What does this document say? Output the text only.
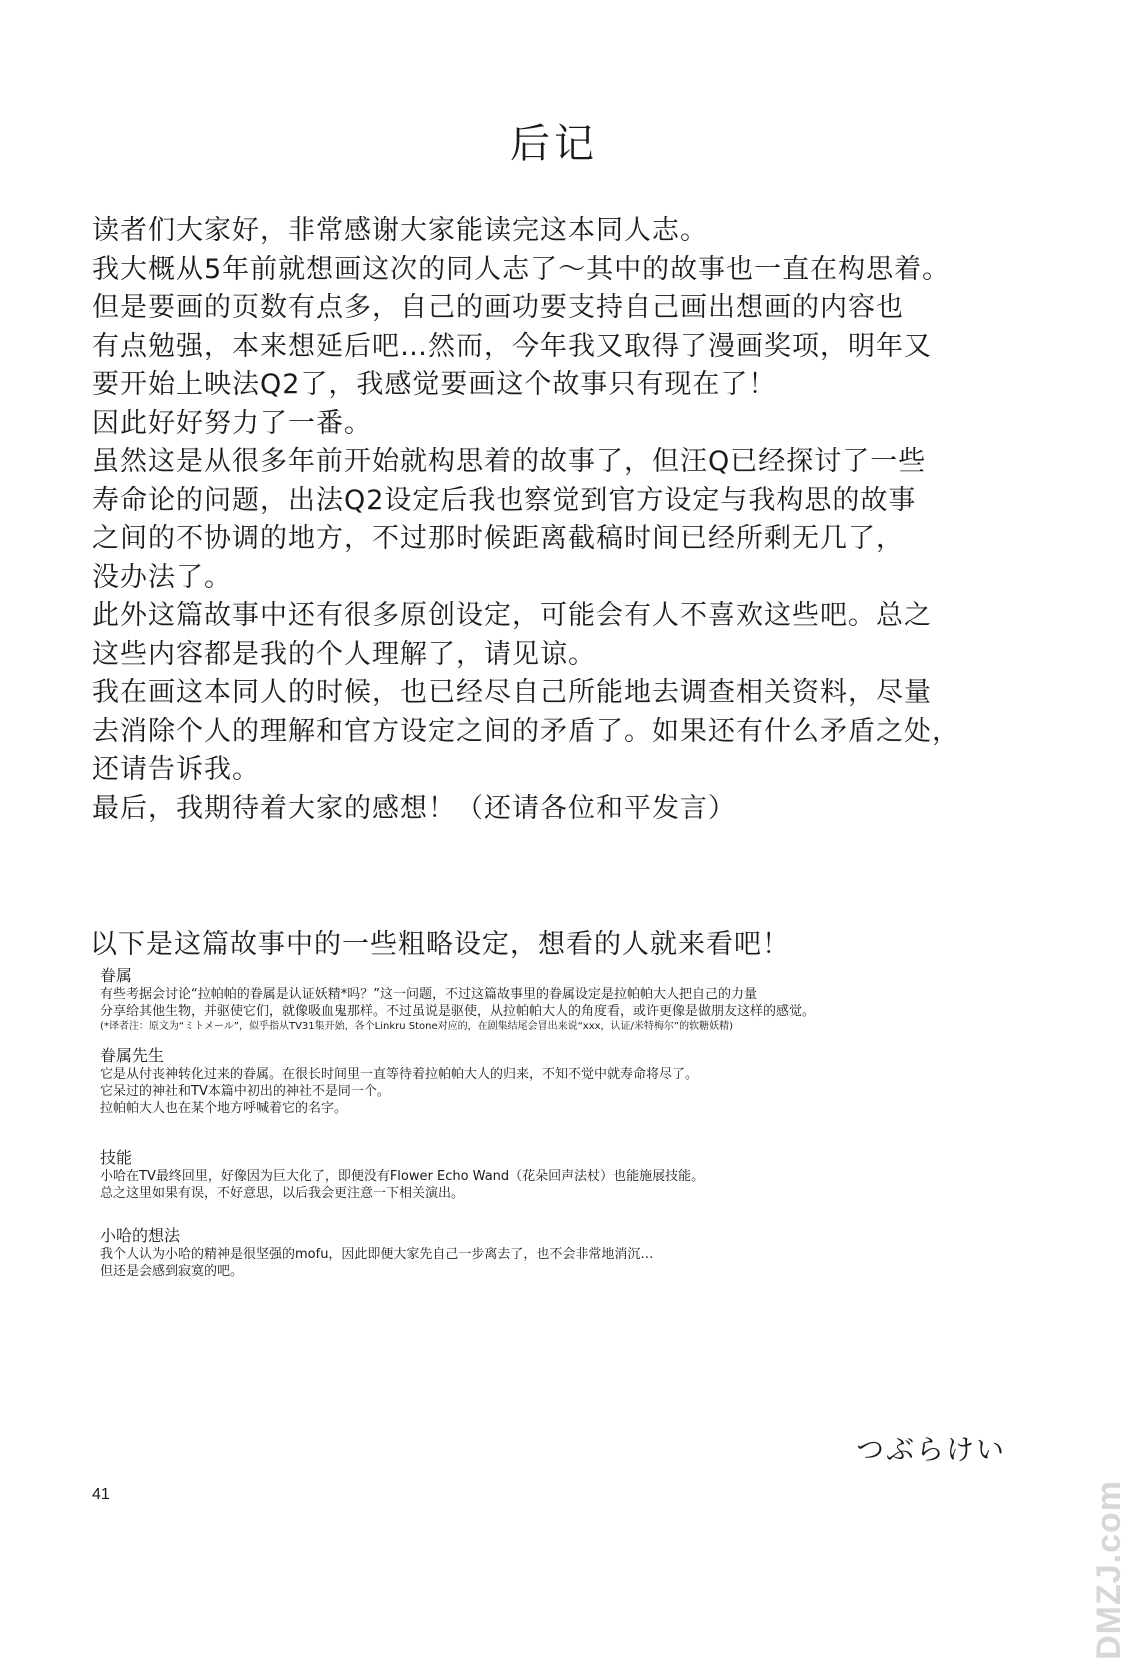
后记
读者们大家好，非常感谢大家能读完这本同人志。
我大概从5年前就想画这次的同人志了～其中的故事也一直在构思着。
但是要画的页数有点多，自己的画功要支持自己画出想画的内容也
有点勉强，本来想延后吧…然而，今年我又取得了漫画奖项，明年又
要开始上映法Q2了，我感觉要画这个故事只有现在了！
因此好好努力了一番。
虽然这是从很多年前开始就构思着的故事了，但汪Q已经探讨了一些
寿命论的问题，出法Q2设定后我也察觉到官方设定与我构思的故事
之间的不协调的地方，不过那时候距离截稿时间已经所剩无几了，
没办法了。
此外这篇故事中还有很多原创设定，可能会有人不喜欢这些吧。总之
这些内容都是我的个人理解了，请见谅。
我在画这本同人的时候，也已经尽自己所能地去调查相关资料，尽量
去消除个人的理解和官方设定之间的矛盾了。如果还有什么矛盾之处，
还请告诉我。
最后，我期待着大家的感想！（还请各位和平发言）
以下是这篇故事中的一些粗略设定，想看的人就来看吧！
眷属
有些考据会讨论“拉帕帕的眷属是认证妖精*吗？”这一问题，不过这篇故事里的眷属设定是拉帕帕大人把自己的力量
分享给其他生物，并驱使它们，就像吸血鬼那样。不过虽说是驱使，从拉帕帕大人的角度看，或许更像是做朋友这样的感觉。
(*译者注：原文为“ミトメール”，似乎指从TV31集开始，各个Linkru Stone对应的，在剧集结尾会冒出来说“xxx，认证/米特梅尔”的软糖妖精)
眷属先生
它是从付丧神转化过来的眷属。在很长时间里一直等待着拉帕帕大人的归来，不知不觉中就寿命将尽了。
它呆过的神社和TV本篇中初出的神社不是同一个。
拉帕帕大人也在某个地方呼喊着它的名字。
技能
小哈在TV最终回里，好像因为巨大化了，即便没有Flower Echo Wand（花朵回声法杖）也能施展技能。
总之这里如果有误，不好意思，以后我会更注意一下相关演出。
小哈的想法
我个人认为小哈的精神是很坚强的mofu，因此即便大家先自己一步离去了，也不会非常地消沉…
但还是会感到寂寞的吧。
つぶらけい
41	DMZJ.com
